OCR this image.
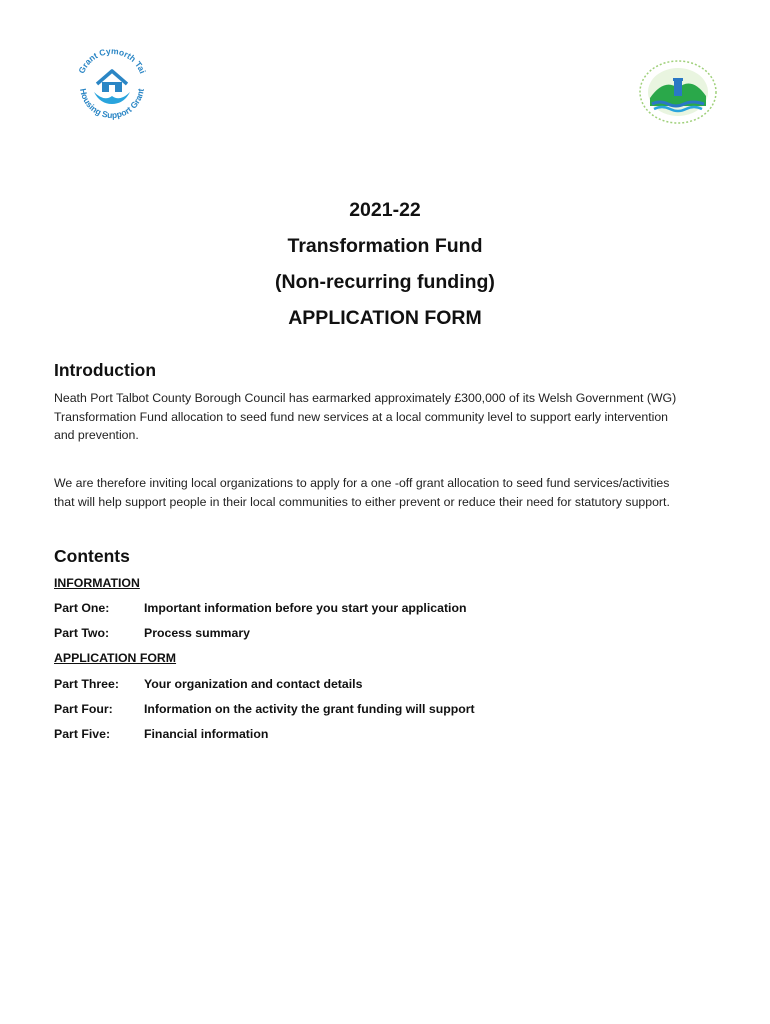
Grant Cymorth Tai
Housing Support Grant
2021-22
Transformation Fund
(Non-recurring funding)
APPLICATION FORM
Introduction
Neath Port Talbot County Borough Council has earmarked approximately £300,000 of its Welsh Government (WG)
Transformation Fund allocation to seed fund new services at a local community level to support early intervention
and prevention.
We are therefore inviting local organizations to apply for a one -off grant allocation to seed fund services/activities
that will help support people in their local communities to either prevent or reduce their need for statutory support.
Contents
INFORMATION
Part One:	Important information before you start your application
Part Two:	Process summary
APPLICATION FORM
Part Three: Your organization and contact details
Part Four:	Information on the activity the grant funding will support
Part Five:	Financial information
